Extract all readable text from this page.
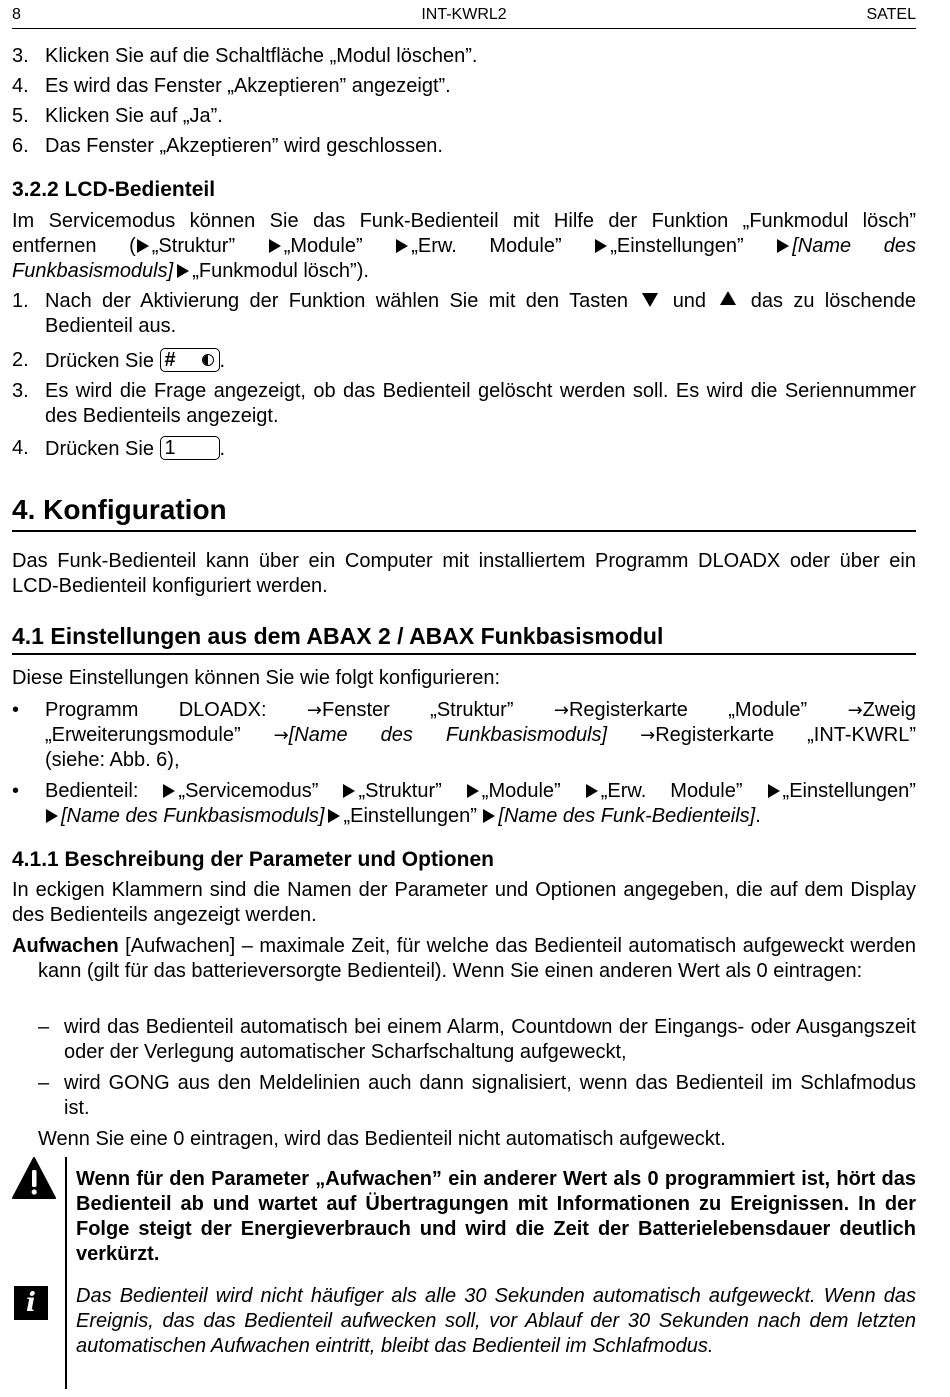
8	INT-KWRL2	SATEL
3. Klicken Sie auf die Schaltfläche „Modul löschen”.
4. Es wird das Fenster „Akzeptieren” angezeigt”.
5. Klicken Sie auf „Ja”.
6. Das Fenster „Akzeptieren” wird geschlossen.
3.2.2 LCD-Bedienteil
Im Servicemodus können Sie das Funk-Bedienteil mit Hilfe der Funktion „Funkmodul lösch”
entfernen ( „Struktur” „Module” „Erw. Module” „Einstellungen” [Name des
Funkbasismoduls] „Funkmodul lösch”).
1. Nach der Aktivierung der Funktion wählen Sie mit den Tasten und das zu löschende
Bedienteil aus.
2. Drücken Sie # .
3. Es wird die Frage angezeigt, ob das Bedienteil gelöscht werden soll. Es wird die Seriennummer des Bedienteils angezeigt.
4. Drücken Sie 1 .
4. Konfiguration
Das Funk-Bedienteil kann über ein Computer mit installiertem Programm DLOADX oder über ein LCD-Bedienteil konfiguriert werden.
4.1 Einstellungen aus dem ABAX 2 / ABAX Funkbasismodul
Diese Einstellungen können Sie wie folgt konfigurieren:
• Programm DLOADX: →Fenster „Struktur” →Registerkarte „Module” →Zweig
„Erweiterungsmodule” →[Name des Funkbasismoduls] →Registerkarte „INT-KWRL”
(siehe: Abb. 6),
• Bedienteil: „Servicemodus” „Struktur” „Module” „Erw. Module” „Einstellungen”
[Name des Funkbasismoduls] „Einstellungen” [Name des Funk-Bedienteils].
4.1.1 Beschreibung der Parameter und Optionen
In eckigen Klammern sind die Namen der Parameter und Optionen angegeben, die auf dem Display des Bedienteils angezeigt werden.
Aufwachen [Aufwachen] – maximale Zeit, für welche das Bedienteil automatisch aufgeweckt werden kann (gilt für das batterieversorgte Bedienteil). Wenn Sie einen anderen Wert als 0 eintragen:
– wird das Bedienteil automatisch bei einem Alarm, Countdown der Eingangs- oder Ausgangszeit oder der Verlegung automatischer Scharfschaltung aufgeweckt,
– wird GONG aus den Meldelinien auch dann signalisiert, wenn das Bedienteil im Schlafmodus ist.
Wenn Sie eine 0 eintragen, wird das Bedienteil nicht automatisch aufgeweckt.
Wenn für den Parameter „Aufwachen” ein anderer Wert als 0 programmiert ist, hört das Bedienteil ab und wartet auf Übertragungen mit Informationen zu Ereignissen. In der Folge steigt der Energieverbrauch und wird die Zeit der Batterielebensdauer deutlich verkürzt.
i	Das Bedienteil wird nicht häufiger als alle 30 Sekunden automatisch aufgeweckt. Wenn das Ereignis, das das Bedienteil aufwecken soll, vor Ablauf der 30 Sekunden nach dem letzten automatischen Aufwachen eintritt, bleibt das Bedienteil im Schlafmodus.
